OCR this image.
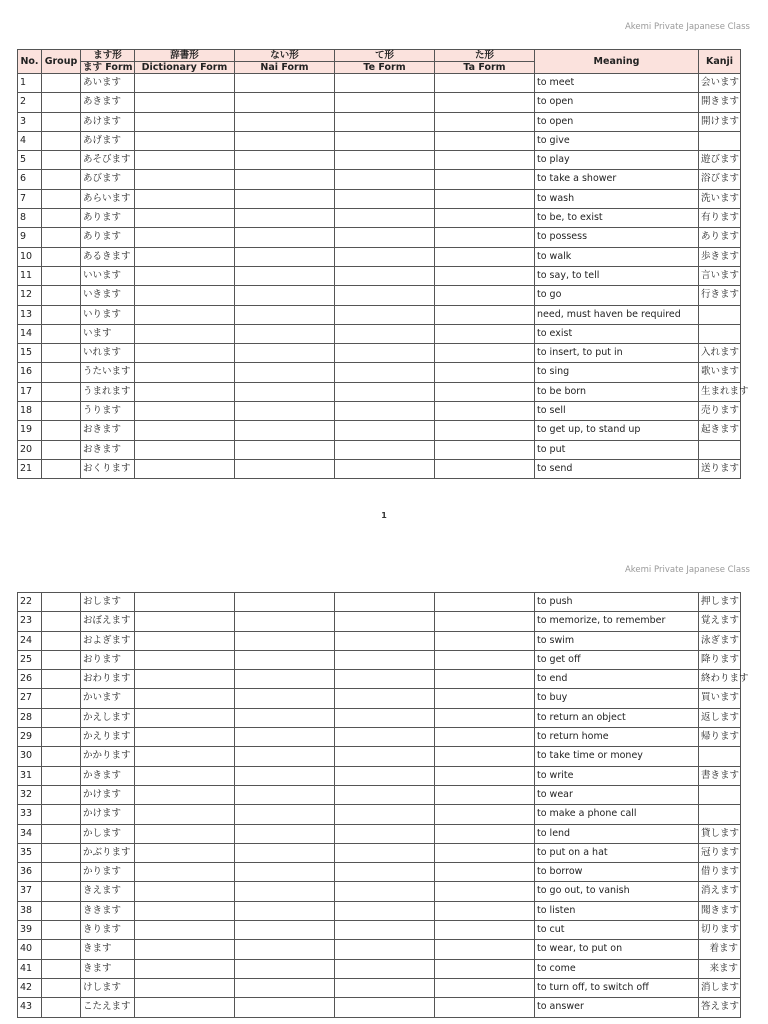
Akemi Private Japanese Class
No.	Group	ます形	辞書形	ない形	て形	た形	Meaning	Kanji
		ます Form	Dictionary Form	Nai Form	Te Form	Ta Form		
1		あいます					to meet	会います
2		あきます					to open	開きます
3		あけます					to open	開けます
4		あげます					to give	
5		あそびます					to play	遊びます
6		あびます					to take a shower	浴びます
7		あらいます					to wash	洗います
8		あります					to be, to exist	有ります
9		あります					to possess	あります
10		あるきます					to walk	歩きます
11		いいます					to say, to tell	言います
12		いきます					to go	行きます
13		いります					need, must haven be required	
14		います					to exist	
15		いれます					to insert, to put in	入れます
16		うたいます					to sing	歌います
17		うまれます					to be born	生まれます
18		うります					to sell	売ります
19		おきます					to get up, to stand up	起きます
20		おきます					to put	
21		おくります					to send	送ります
1
Akemi Private Japanese Class
22		おします					to push	押します
23		おぼえます					to memorize, to remember	覚えます
24		およぎます					to swim	泳ぎます
25		おります					to get off	降ります
26		おわります					to end	終わります
27		かいます					to buy	買います
28		かえします					to return an object	返します
29		かえります					to return home	帰ります
30		かかります					to take time or money	
31		かきます					to write	書きます
32		かけます					to wear	
33		かけます					to make a phone call	
34		かします					to lend	貸します
35		かぶります					to put on a hat	冠ります
36		かります					to borrow	借ります
37		きえます					to go out, to vanish	消えます
38		ききます					to listen	聞きます
39		きります					to cut	切ります
40		きます					to wear, to put on	着ます
41		きます					to come	来ます
42		けします					to turn off, to switch off	消します
43		こたえます					to answer	答えます
